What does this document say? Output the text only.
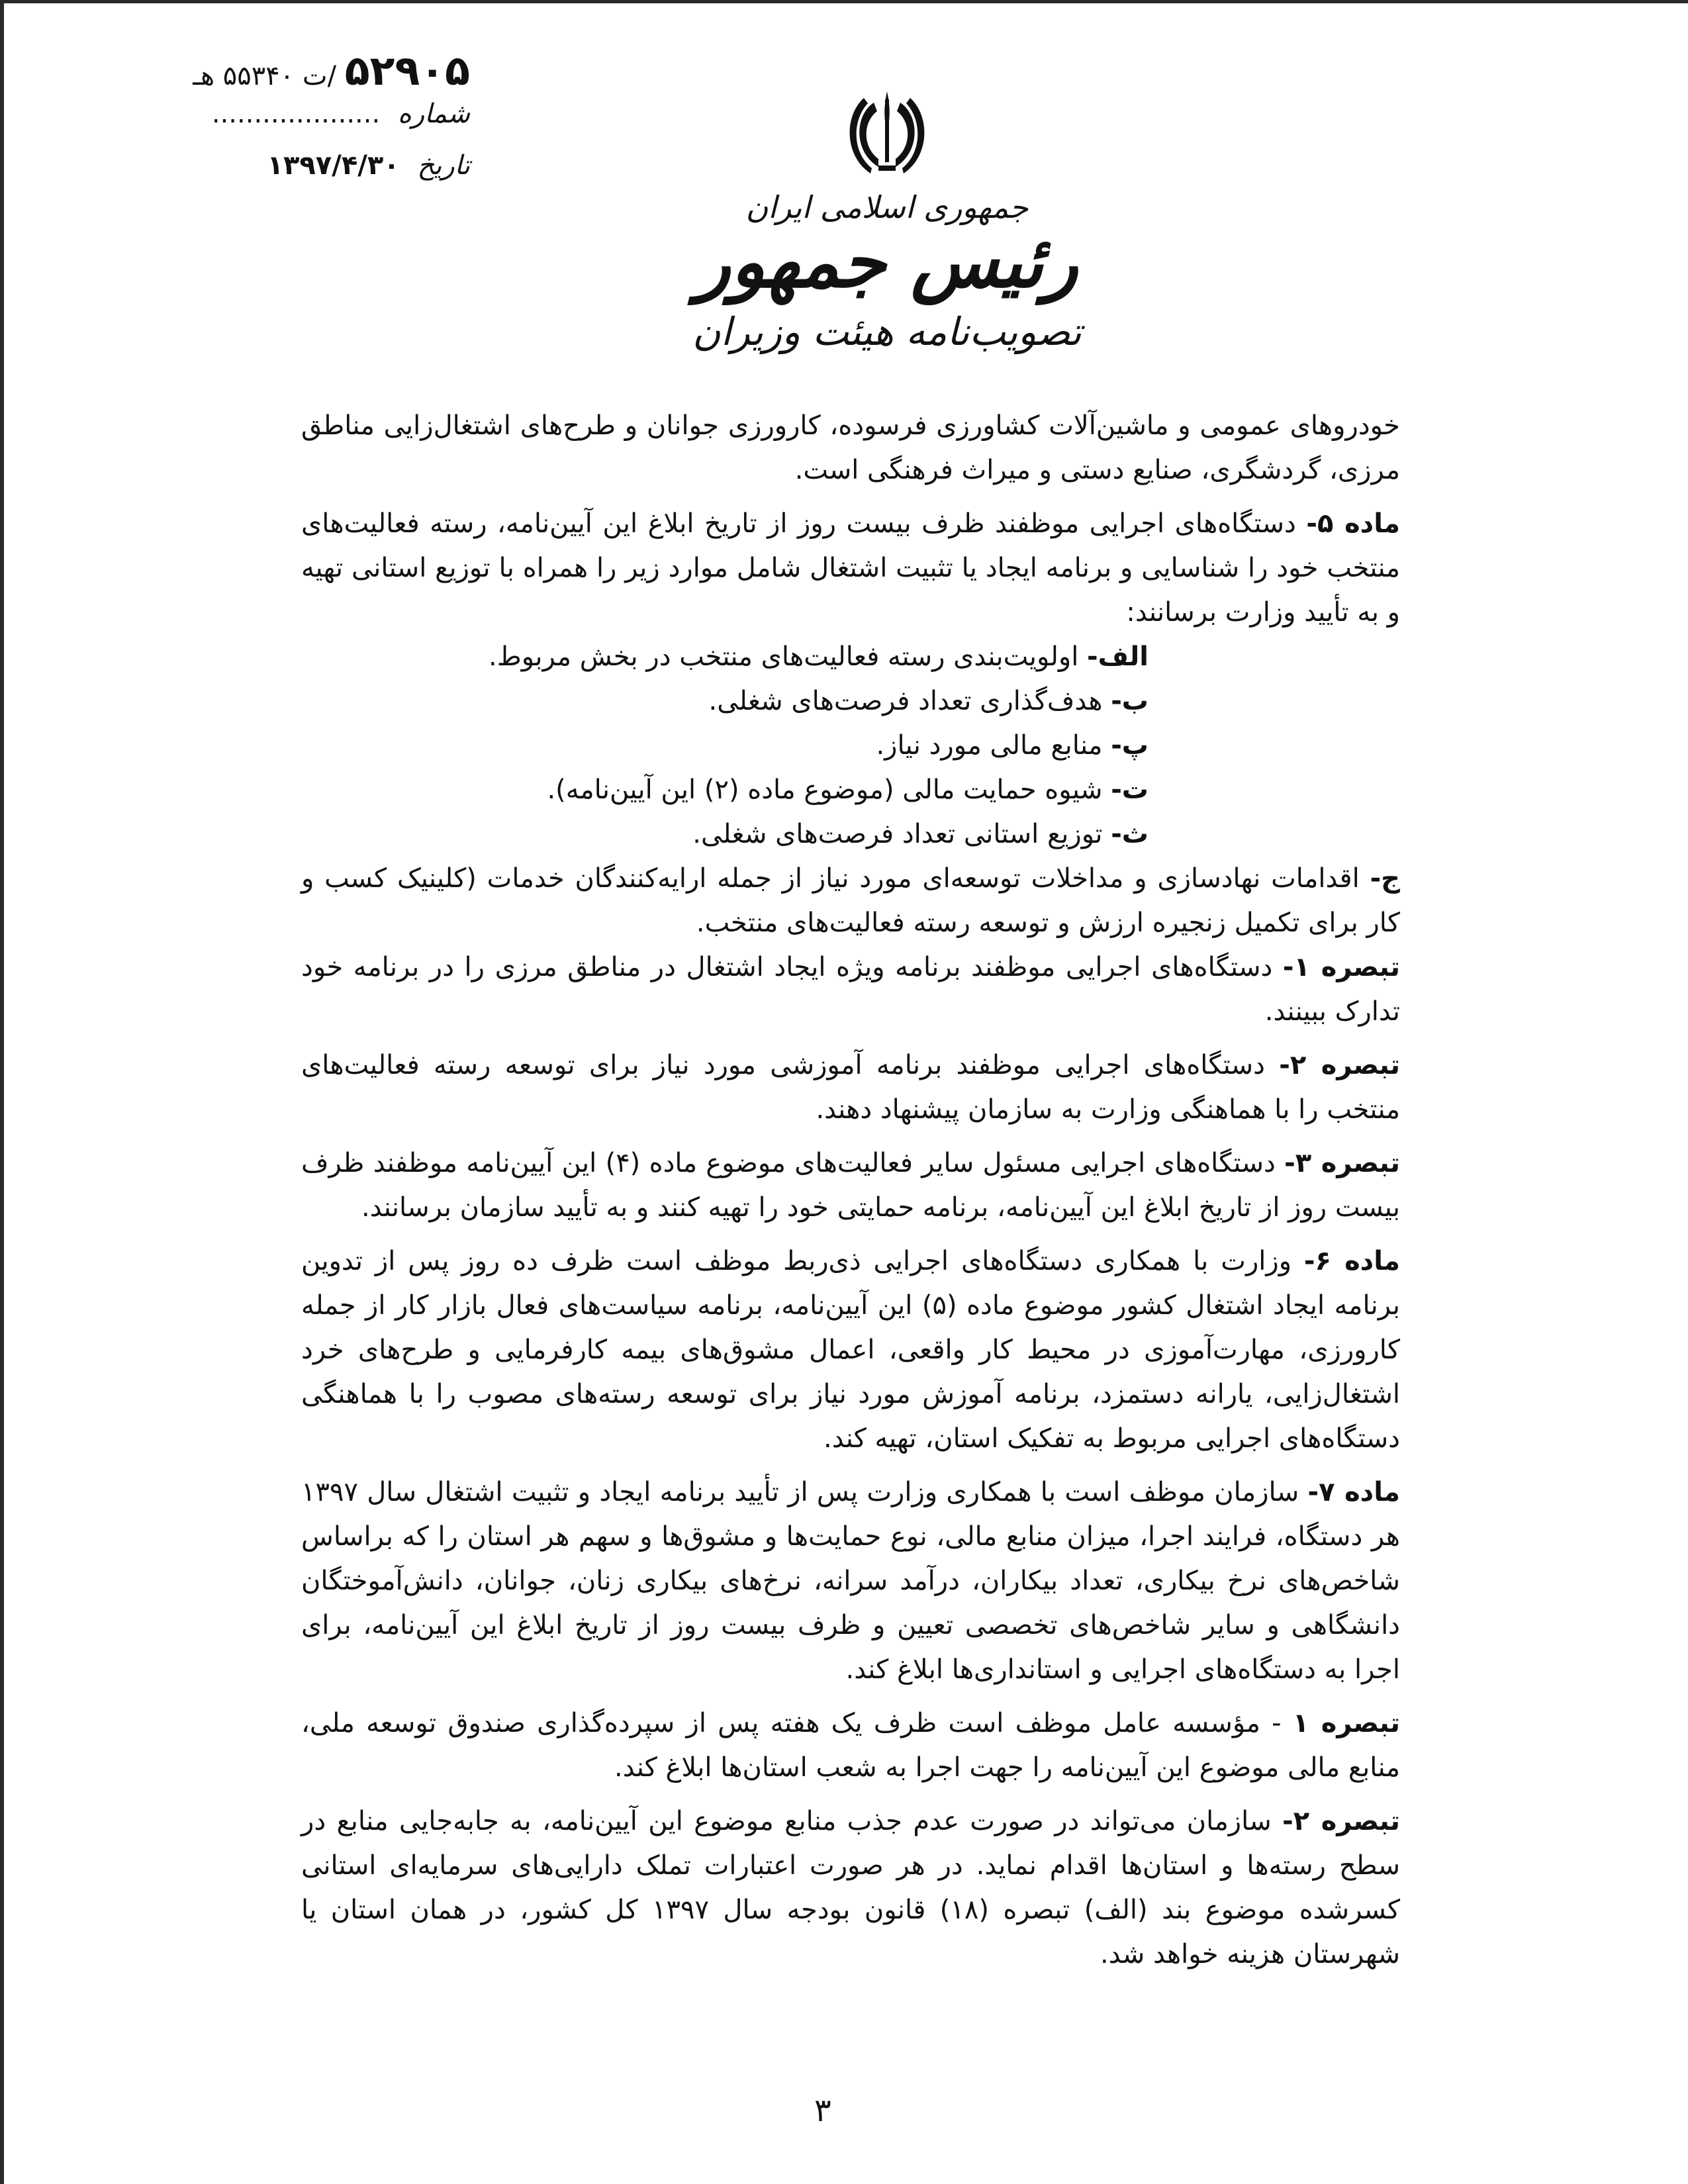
۵۲۹۰۵ /ت ۵۵۳۴۰ هـ
شماره ....................
تاریخ ۱۳۹۷/۴/۳۰
جمهوری اسلامی ایران
رئیس جمهور
تصویب‌نامه هیئت وزیران

خودروهای عمومی و ماشین‌آلات کشاورزی فرسوده، کارورزی جوانان و طرح‌های اشتغال‌زایی مناطق مرزی، گردشگری، صنایع دستی و میراث فرهنگی است.

ماده ۵- دستگاه‌های اجرایی موظفند ظرف بیست روز از تاریخ ابلاغ این آیین‌نامه، رسته فعالیت‌های منتخب خود را شناسایی و برنامه ایجاد یا تثبیت اشتغال شامل موارد زیر را همراه با توزیع استانی تهیه و به تأیید وزارت برسانند:

الف- اولویت‌بندی رسته فعالیت‌های منتخب در بخش مربوط.

ب- هدف‌گذاری تعداد فرصت‌های شغلی.

پ- منابع مالی مورد نیاز.

ت- شیوه حمایت مالی (موضوع ماده (۲) این آیین‌نامه).

ث- توزیع استانی تعداد فرصت‌های شغلی.

ج- اقدامات نهادسازی و مداخلات توسعه‌ای مورد نیاز از جمله ارایه‌کنندگان خدمات (کلینیک کسب و کار برای تکمیل زنجیره ارزش و توسعه رسته فعالیت‌های منتخب.

تبصره ۱- دستگاه‌های اجرایی موظفند برنامه ویژه ایجاد اشتغال در مناطق مرزی را در برنامه خود تدارک ببینند.

تبصره ۲- دستگاه‌های اجرایی موظفند برنامه آموزشی مورد نیاز برای توسعه رسته فعالیت‌های منتخب را با هماهنگی وزارت به سازمان پیشنهاد دهند.

تبصره ۳- دستگاه‌های اجرایی مسئول سایر فعالیت‌های موضوع ماده (۴) این آیین‌نامه موظفند ظرف بیست روز از تاریخ ابلاغ این آیین‌نامه، برنامه حمایتی خود را تهیه کنند و به تأیید سازمان برسانند.

ماده ۶- وزارت با همکاری دستگاه‌های اجرایی ذی‌ربط موظف است ظرف ده روز پس از تدوین برنامه ایجاد اشتغال کشور موضوع ماده (۵) این آیین‌نامه، برنامه سیاست‌های فعال بازار کار از جمله کارورزی، مهارت‌آموزی در محیط کار واقعی، اعمال مشوق‌های بیمه کارفرمایی و طرح‌های خرد اشتغال‌زایی، یارانه دستمزد، برنامه آموزش مورد نیاز برای توسعه رسته‌های مصوب را با هماهنگی دستگاه‌های اجرایی مربوط به تفکیک استان، تهیه کند.

ماده ۷- سازمان موظف است با همکاری وزارت پس از تأیید برنامه ایجاد و تثبیت اشتغال سال ۱۳۹۷ هر دستگاه، فرایند اجرا، میزان منابع مالی، نوع حمایت‌ها و مشوق‌ها و سهم هر استان را که براساس شاخص‌های نرخ بیکاری، تعداد بیکاران، درآمد سرانه، نرخ‌های بیکاری زنان، جوانان، دانش‌آموختگان دانشگاهی و سایر شاخص‌های تخصصی تعیین و ظرف بیست روز از تاریخ ابلاغ این آیین‌نامه، برای اجرا به دستگاه‌های اجرایی و استانداری‌ها ابلاغ کند.

تبصره ۱ - مؤسسه عامل موظف است ظرف یک هفته پس از سپرده‌گذاری صندوق توسعه ملی، منابع مالی موضوع این آیین‌نامه را جهت اجرا به شعب استان‌ها ابلاغ کند.

تبصره ۲- سازمان می‌تواند در صورت عدم جذب منابع موضوع این آیین‌نامه، به جابه‌جایی منابع در سطح رسته‌ها و استان‌ها اقدام نماید. در هر صورت اعتبارات تملک دارایی‌های سرمایه‌ای استانی کسرشده موضوع بند (الف) تبصره (۱۸) قانون بودجه سال ۱۳۹۷ کل کشور، در همان استان یا شهرستان هزینه خواهد شد.

۳
